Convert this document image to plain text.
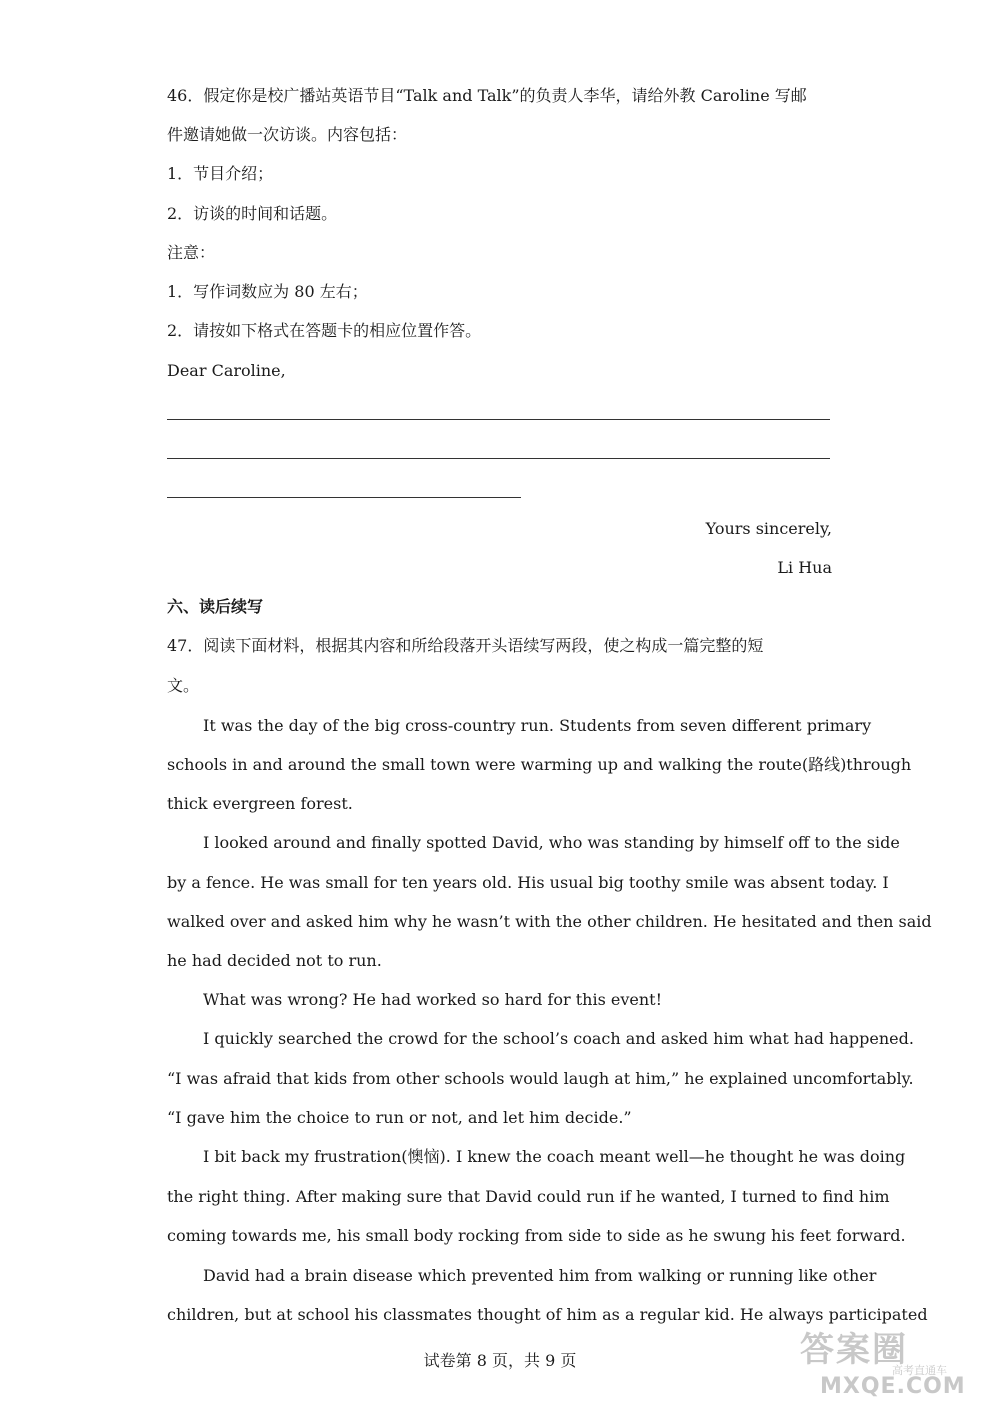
46．假定你是校广播站英语节目“Talk and Talk”的负责人李华，请给外教 Caroline 写邮
件邀请她做一次访谈。内容包括：
1．节目介绍；
2．访谈的时间和话题。
注意：
1．写作词数应为 80 左右；
2．请按如下格式在答题卡的相应位置作答。
Dear Caroline,
Yours sincerely,
Li Hua
六、读后续写
47．阅读下面材料，根据其内容和所给段落开头语续写两段，使之构成一篇完整的短
文。
It was the day of the big cross-country run. Students from seven different primary
schools in and around the small town were warming up and walking the route(路线)through
thick evergreen forest.
I looked around and finally spotted David, who was standing by himself off to the side
by a fence. He was small for ten years old. His usual big toothy smile was absent today. I
walked over and asked him why he wasn’t with the other children. He hesitated and then said
he had decided not to run.
What was wrong? He had worked so hard for this event!
I quickly searched the crowd for the school’s coach and asked him what had happened.
“I was afraid that kids from other schools would laugh at him,” he explained uncomfortably.
“I gave him the choice to run or not, and let him decide.”
I bit back my frustration(懊恼). I knew the coach meant well—he thought he was doing
the right thing. After making sure that David could run if he wanted, I turned to find him
coming towards me, his small body rocking from side to side as he swung his feet forward.
David had a brain disease which prevented him from walking or running like other
children, but at school his classmates thought of him as a regular kid. He always participated
试卷第 8 页，共 9 页	答案圈
高考直通车
MXQE.COM
